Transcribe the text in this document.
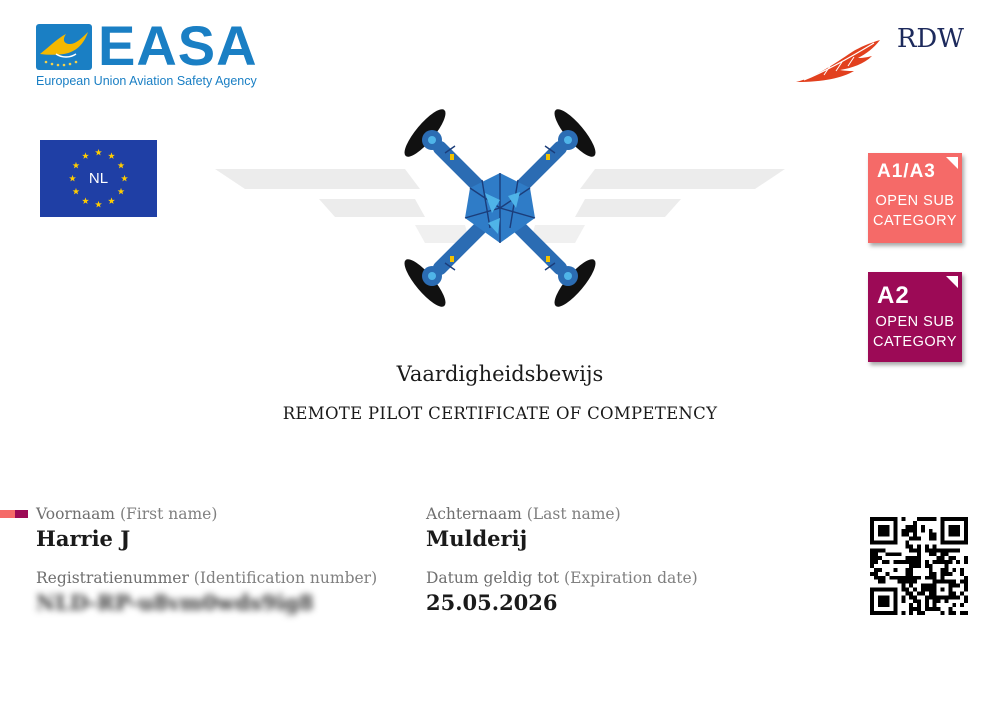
EASA
European Union Aviation Safety Agency
RDW
NL	A1/A3
OPEN SUB
CATEGORY
A2
OPEN SUB
CATEGORY
Vaardigheidsbewijs
REMOTE PILOT CERTIFICATE OF COMPETENCY
Voornaam (First name)
Harrie J
Achternaam (Last name)
Mulderij
Registratienummer (Identification number)
NLD-RP-u8vm0wds9ig8
Datum geldig tot (Expiration date)
25.05.2026
